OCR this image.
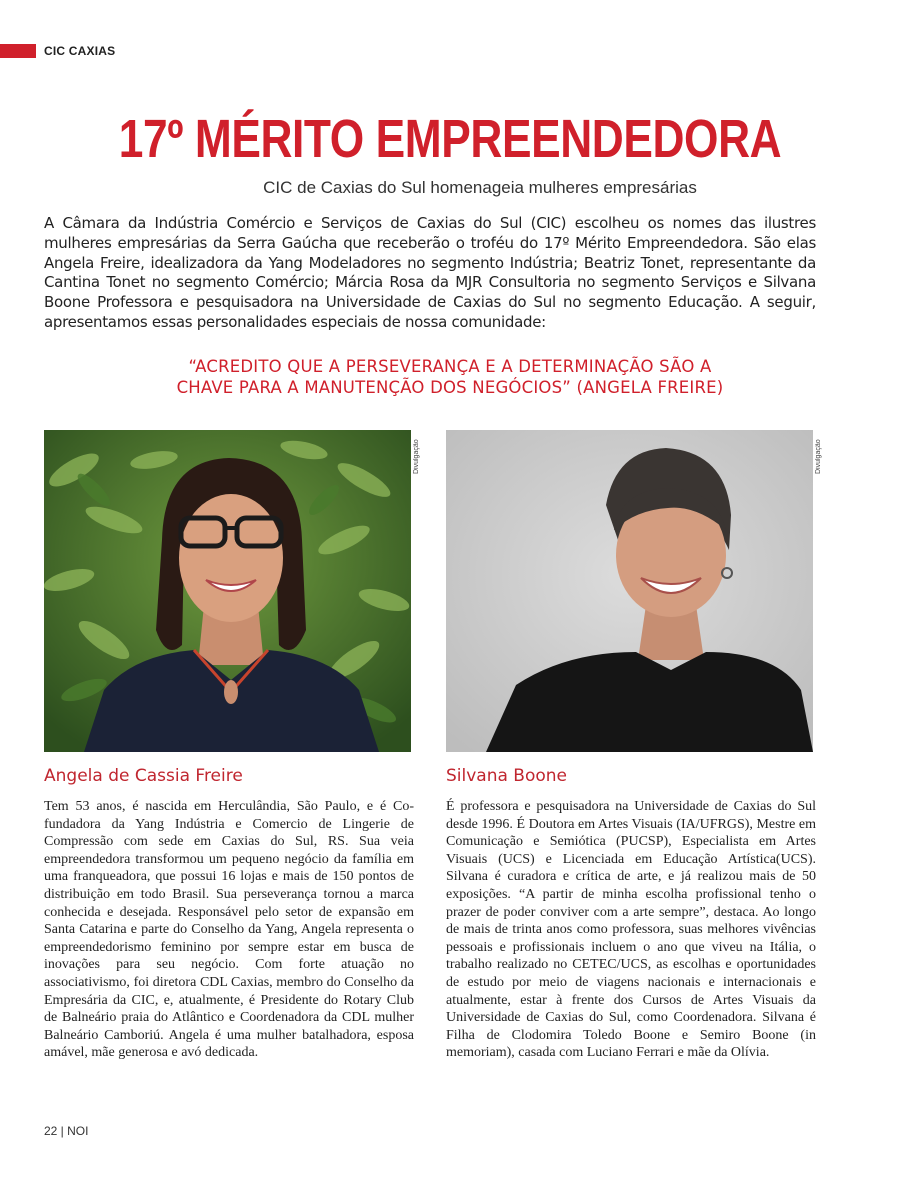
CIC CAXIAS
17º MÉRITO EMPREENDEDORA
CIC de Caxias do Sul homenageia mulheres empresárias

A Câmara da Indústria Comércio e Serviços de Caxias do Sul (CIC) escolheu os nomes das ilustres mulheres empresárias da Serra Gaúcha que receberão o troféu do 17º Mérito Empreendedora. São elas Angela Freire, idealizadora da Yang Modeladores no segmento Indústria; Beatriz Tonet, representante da Cantina Tonet no segmento Comércio; Márcia Rosa da MJR Consultoria no segmento Serviços e Silvana Boone Professora e pesquisadora na Universidade de Caxias do Sul no segmento Educação. A seguir, apresentamos essas personalidades especiais de nossa comunidade:

“ACREDITO QUE A PERSEVERANÇA E A DETERMINAÇÃO SÃO A
CHAVE PARA A MANUTENÇÃO DOS NEGÓCIOS” (ANGELA FREIRE)
Divulgação	Divulgação
Angela de Cassia Freire	Silvana Boone

Tem 53 anos, é nascida em Herculândia, São Paulo, e é Co-fundadora da Yang Indústria e Comercio de Lingerie de Compressão com sede em Caxias do Sul, RS. Sua veia empreendedora transformou um pequeno negócio da família em uma franqueadora, que possui 16 lojas e mais de 150 pontos de distribuição em todo Brasil. Sua perseverança tornou a marca conhecida e desejada. Responsável pelo setor de expansão em Santa Catarina e parte do Conselho da Yang, Angela representa o empreendedorismo feminino por sempre estar em busca de inovações para seu negócio. Com forte atuação no associativismo, foi diretora CDL Caxias, membro do Conselho da Empresária da CIC, e, atualmente, é Presidente do Rotary Club de Balneário praia do Atlântico e Coordenadora da CDL mulher Balneário Camboriú. Angela é uma mulher batalhadora, esposa amável, mãe generosa e avó dedicada.

É professora e pesquisadora na Universidade de Caxias do Sul desde 1996. É Doutora em Artes Visuais (IA/UFRGS), Mestre em Comunicação e Semiótica (PUCSP), Especialista em Artes Visuais (UCS) e Licenciada em Educação Artística(UCS). Silvana é curadora e crítica de arte, e já realizou mais de 50 exposições. “A partir de minha escolha profissional tenho o prazer de poder conviver com a arte sempre”, destaca. Ao longo de mais de trinta anos como professora, suas melhores vivências pessoais e profissionais incluem o ano que viveu na Itália, o trabalho realizado no CETEC/UCS, as escolhas e oportunidades de estudo por meio de viagens nacionais e internacionais e atualmente, estar à frente dos Cursos de Artes Visuais da Universidade de Caxias do Sul, como Coordenadora. Silvana é Filha de Clodomira Toledo Boone e Semiro Boone (in memoriam), casada com Luciano Ferrari e mãe da Olívia.

22 | NOI
